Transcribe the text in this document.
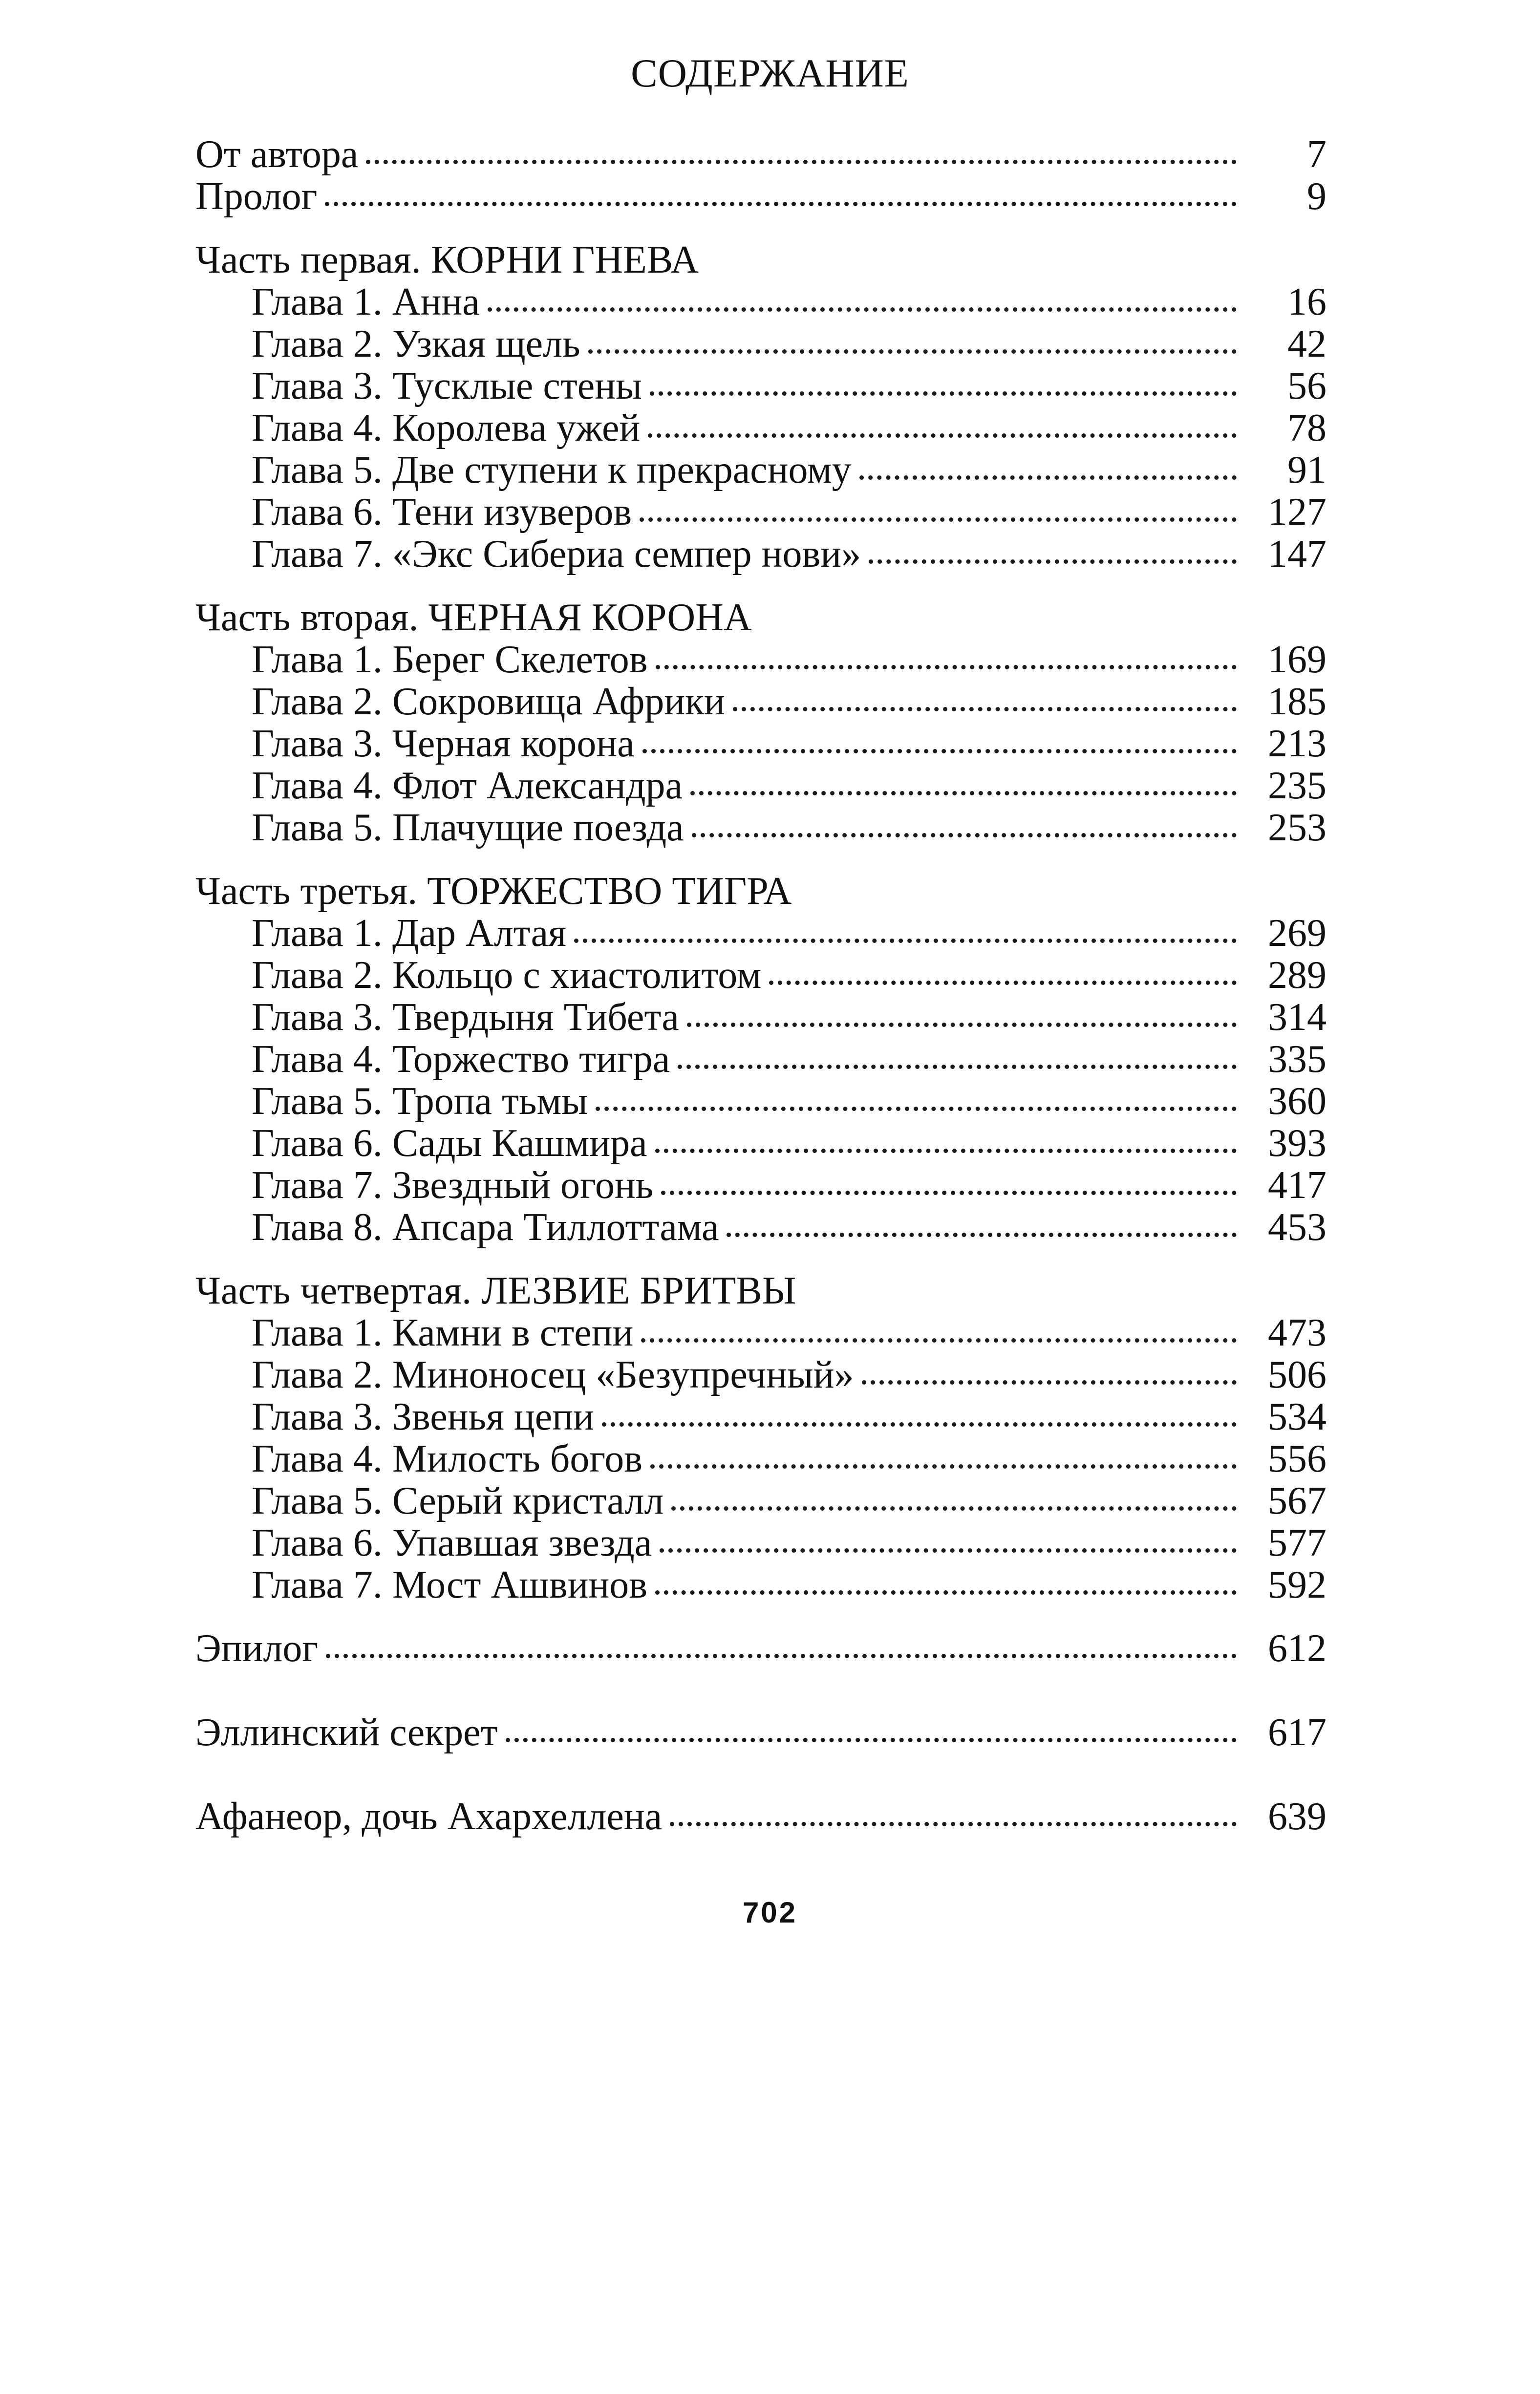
СОДЕРЖАНИЕ
От автора	7
Пролог	9
Часть первая. КОРНИ ГНЕВА
Глава 1. Анна	16
Глава 2. Узкая щель	42
Глава 3. Тусклые стены	56
Глава 4. Королева ужей	78
Глава 5. Две ступени к прекрасному	91
Глава 6. Тени изуверов	127
Глава 7. «Экс Сибериа семпер нови»	147
Часть вторая. ЧЕРНАЯ КОРОНА
Глава 1. Берег Скелетов	169
Глава 2. Сокровища Африки	185
Глава 3. Черная корона	213
Глава 4. Флот Александра	235
Глава 5. Плачущие поезда	253
Часть третья. ТОРЖЕСТВО ТИГРА
Глава 1. Дар Алтая	269
Глава 2. Кольцо с хиастолитом	289
Глава 3. Твердыня Тибета	314
Глава 4. Торжество тигра	335
Глава 5. Тропа тьмы	360
Глава 6. Сады Кашмира	393
Глава 7. Звездный огонь	417
Глава 8. Апсара Тиллоттама	453
Часть четвертая. ЛЕЗВИЕ БРИТВЫ
Глава 1. Камни в степи	473
Глава 2. Миноносец «Безупречный»	506
Глава 3. Звенья цепи	534
Глава 4. Милость богов	556
Глава 5. Серый кристалл	567
Глава 6. Упавшая звезда	577
Глава 7. Мост Ашвинов	592
Эпилог	612
Эллинский секрет	617
Афанеор, дочь Ахархеллена	639
702
